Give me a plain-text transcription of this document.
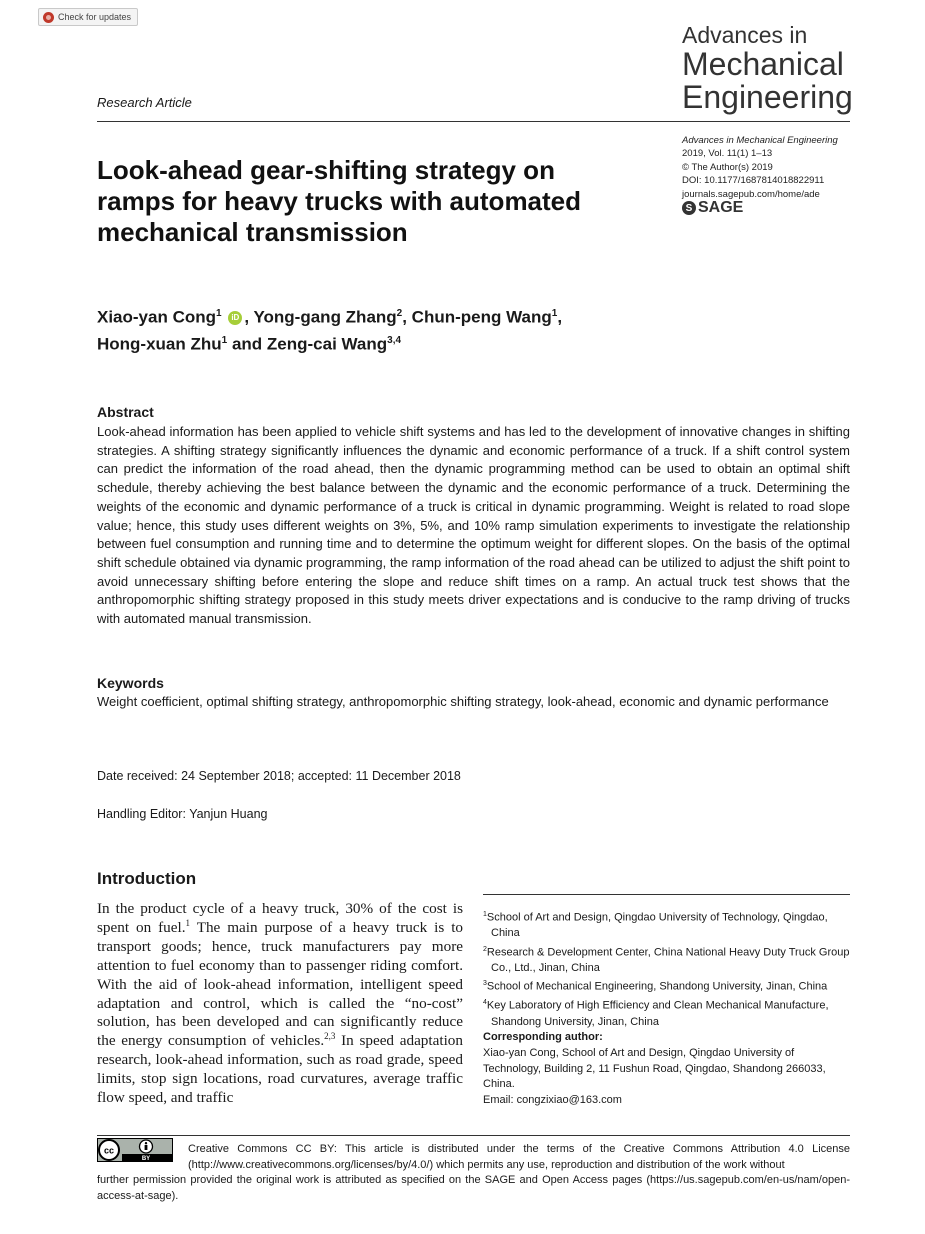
Check for updates
Research Article
Advances in
Mechanical
Engineering
Advances in Mechanical Engineering
2019, Vol. 11(1) 1–13
© The Author(s) 2019
DOI: 10.1177/1687814018822911
journals.sagepub.com/home/ade
S SAGE
Look-ahead gear-shifting strategy on ramps for heavy trucks with automated mechanical transmission
Xiao-yan Cong$^1$ iD , Yong-gang Zhang$^2$, Chun-peng Wang$^1$,
Hong-xuan Zhu$^1$ and Zeng-cai Wang$^{3,4}$
Abstract
Look-ahead information has been applied to vehicle shift systems and has led to the development of innovative changes in shifting strategies. A shifting strategy significantly influences the dynamic and economic performance of a truck. If a shift control system can predict the information of the road ahead, then the dynamic programming method can be used to obtain an optimal shift schedule, thereby achieving the best balance between the dynamic and the economic performance of a truck. Determining the weights of the economic and dynamic performance of a truck is critical in dynamic programming. Weight is related to road slope value; hence, this study uses different weights on 3%, 5%, and 10% ramp simulation experiments to investigate the relationship between fuel consumption and running time and to determine the optimum weight for different slopes. On the basis of the optimal shift schedule obtained via dynamic programming, the ramp information of the road ahead can be utilized to adjust the shift point to avoid unnecessary shifting before entering the slope and reduce shift times on a ramp. An actual truck test shows that the anthropomorphic shifting strategy proposed in this study meets driver expectations and is conducive to the ramp driving of trucks with automated manual transmission.
Keywords
Weight coefficient, optimal shifting strategy, anthropomorphic shifting strategy, look-ahead, economic and dynamic performance
Date received: 24 September 2018; accepted: 11 December 2018
Handling Editor: Yanjun Huang
Introduction
In the product cycle of a heavy truck, 30% of the cost is spent on fuel.$^1$ The main purpose of a heavy truck is to transport goods; hence, truck manufacturers pay more attention to fuel economy than to passenger riding comfort. With the aid of look-ahead information, intelligent speed adaptation and control, which is called the “no-cost” solution, has been developed and can significantly reduce the energy consumption of vehicles.$^{2,3}$ In speed adaptation research, look-ahead information, such as road grade, speed limits, stop sign locations, road curvatures, average traffic flow speed, and traffic
$^1$School of Art and Design, Qingdao University of Technology, Qingdao, China
$^2$Research & Development Center, China National Heavy Duty Truck Group Co., Ltd., Jinan, China
$^3$School of Mechanical Engineering, Shandong University, Jinan, China
$^4$Key Laboratory of High Efficiency and Clean Mechanical Manufacture, Shandong University, Jinan, China
Corresponding author:
Xiao-yan Cong, School of Art and Design, Qingdao University of Technology, Building 2, 11 Fushun Road, Qingdao, Shandong 266033, China.
Email: congzixiao@163.com
cc
BY
Creative Commons CC BY: This article is distributed under the terms of the Creative Commons Attribution 4.0 License (http://www.creativecommons.org/licenses/by/4.0/) which permits any use, reproduction and distribution of the work without
further permission provided the original work is attributed as specified on the SAGE and Open Access pages (https://us.sagepub.com/en-us/nam/open-access-at-sage).
